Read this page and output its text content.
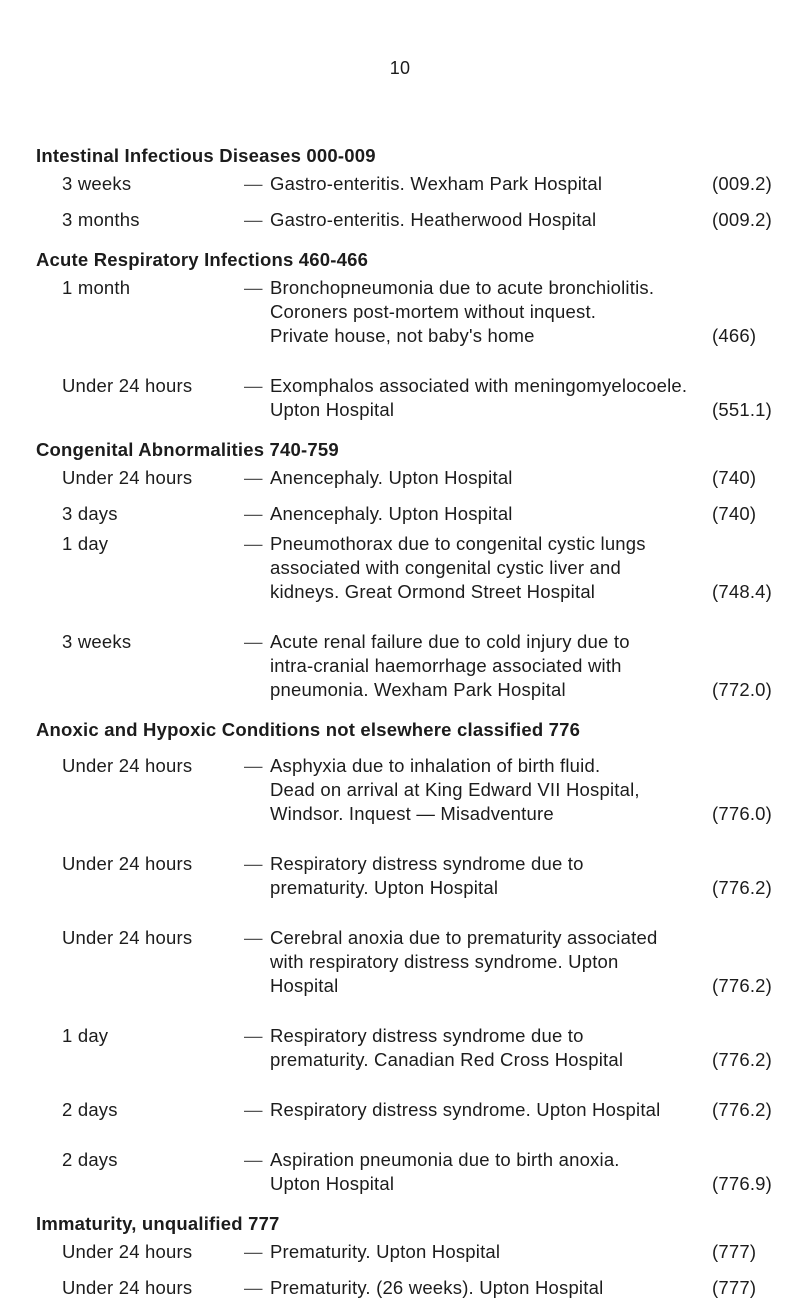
10
Intestinal Infectious Diseases 000-009
3 weeks	— Gastro-enteritis. Wexham Park Hospital	(009.2)
3 months	— Gastro-enteritis. Heatherwood Hospital	(009.2)
Acute Respiratory Infections 460-466
1 month	— Bronchopneumonia due to acute bronchiolitis.
Coroners post-mortem without inquest.
Private house, not baby's home	(466)
Under 24 hours	— Exomphalos associated with meningomyelocoele.
Upton Hospital	(551.1)
Congenital Abnormalities 740-759
Under 24 hours	— Anencephaly. Upton Hospital	(740)
3 days	— Anencephaly. Upton Hospital	(740)
1 day	— Pneumothorax due to congenital cystic lungs
associated with congenital cystic liver and
kidneys. Great Ormond Street Hospital	(748.4)
3 weeks	— Acute renal failure due to cold injury due to
intra-cranial haemorrhage associated with
pneumonia. Wexham Park Hospital	(772.0)
Anoxic and Hypoxic Conditions not elsewhere classified 776
Under 24 hours	— Asphyxia due to inhalation of birth fluid.
Dead on arrival at King Edward VII Hospital,
Windsor. Inquest — Misadventure	(776.0)
Under 24 hours	— Respiratory distress syndrome due to
prematurity. Upton Hospital	(776.2)
Under 24 hours	— Cerebral anoxia due to prematurity associated
with respiratory distress syndrome. Upton
Hospital	(776.2)
1 day	— Respiratory distress syndrome due to
prematurity. Canadian Red Cross Hospital	(776.2)
2 days	— Respiratory distress syndrome. Upton Hospital	(776.2)
2 days	— Aspiration pneumonia due to birth anoxia.
Upton Hospital	(776.9)
Immaturity, unqualified 777
Under 24 hours	— Prematurity. Upton Hospital	(777)
Under 24 hours	— Prematurity. (26 weeks). Upton Hospital	(777)
